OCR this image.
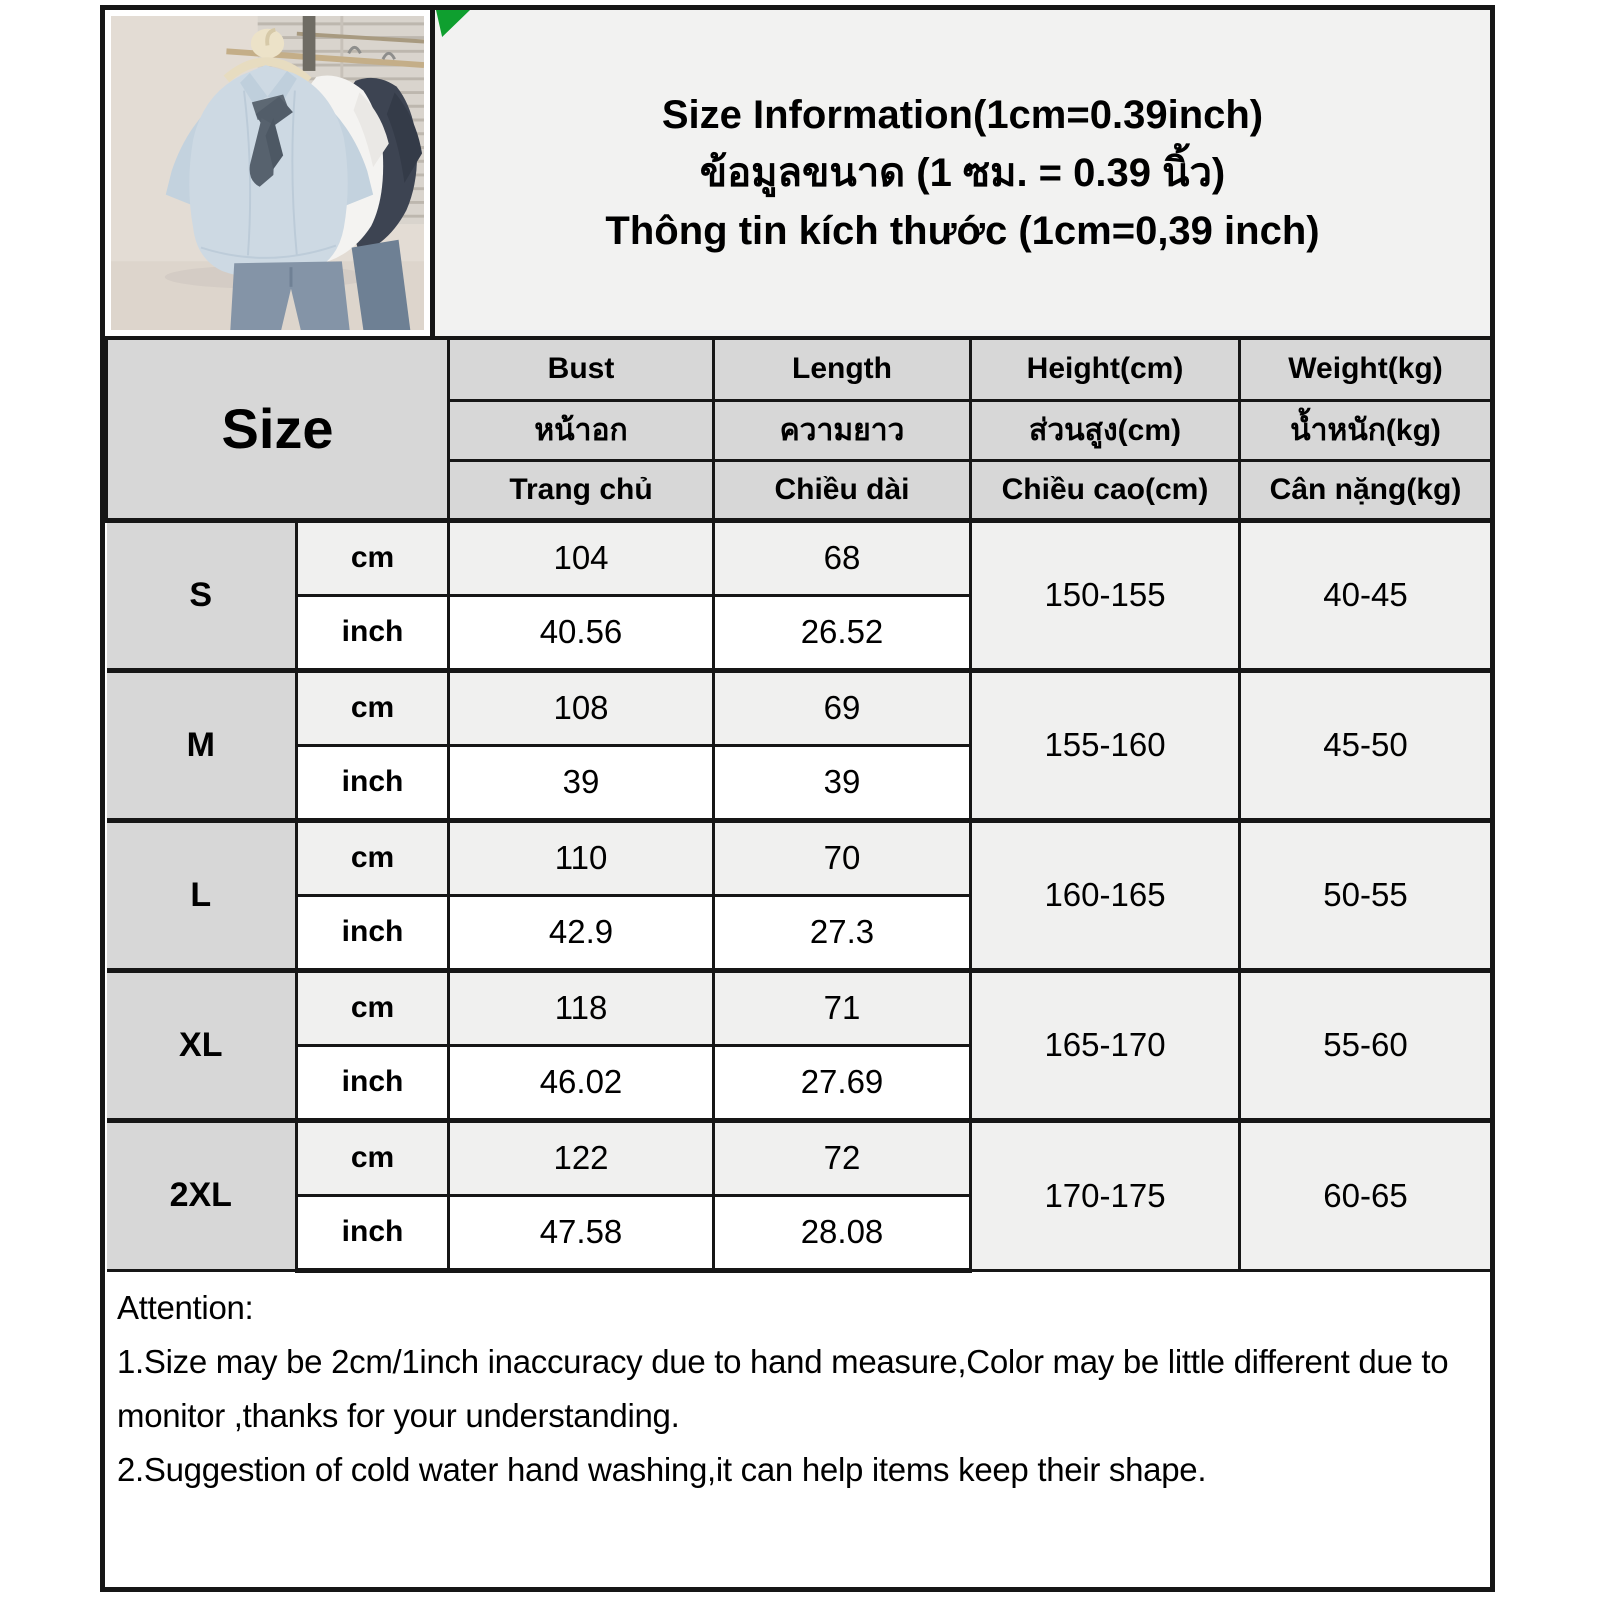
Size Information(1cm=0.39inch)
ข้อมูลขนาด (1 ซม. = 0.39 นิ้ว)
Thông tin kích thước (1cm=0,39 inch)
Size		Bust	Length	Height(cm)	Weight(kg)
		หน้าอก	ความยาว	ส่วนสูง(cm)	น้ำหนัก(kg)
		Trang chủ	Chiều dài	Chiều cao(cm)	Cân nặng(kg)
S	cm	104	68	150-155	40-45
	inch	40.56	26.52		
M	cm	108	69	155-160	45-50
	inch	39	39		
L	cm	110	70	160-165	50-55
	inch	42.9	27.3		
XL	cm	118	71	165-170	55-60
	inch	46.02	27.69		
2XL	cm	122	72	170-175	60-65
	inch	47.58	28.08		
Attention:
1.Size may be 2cm/1inch inaccuracy due to hand measure,Color may be little different due to monitor ,thanks for your understanding.
2.Suggestion of cold water hand washing,it can help items keep their shape.
